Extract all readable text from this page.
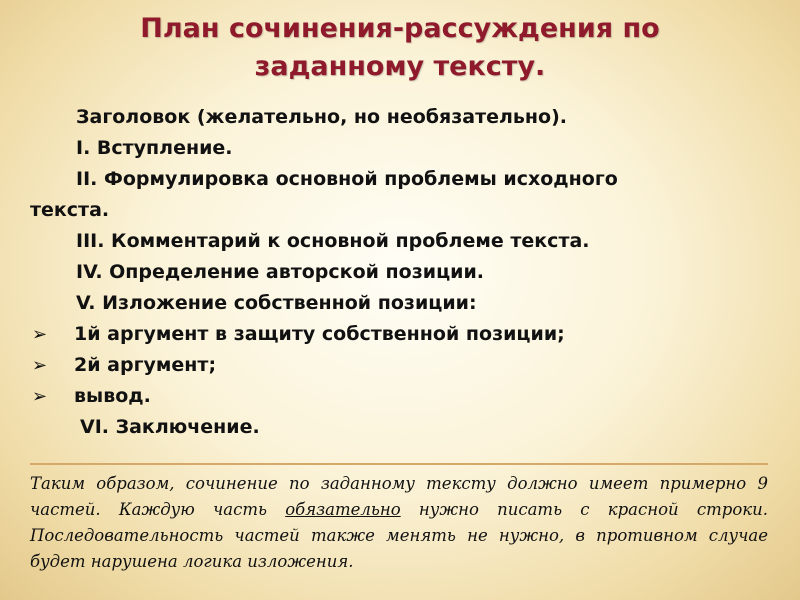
План сочинения-рассуждения по
заданному тексту.
Заголовок (желательно, но необязательно).
I. Вступление.
II. Формулировка основной проблемы исходного
текста.
III. Комментарий к основной проблеме текста.
IV. Определение авторской позиции.
V. Изложение собственной позиции:
➢	1й аргумент в защиту собственной позиции;
➢	2й аргумент;
➢	вывод.
VI. Заключение.
Таким образом, сочинение по заданному тексту должно имеет примерно 9 частей. Каждую часть обязательно нужно писать с красной строки. Последовательность частей также менять не нужно, в противном случае будет нарушена логика изложения.
